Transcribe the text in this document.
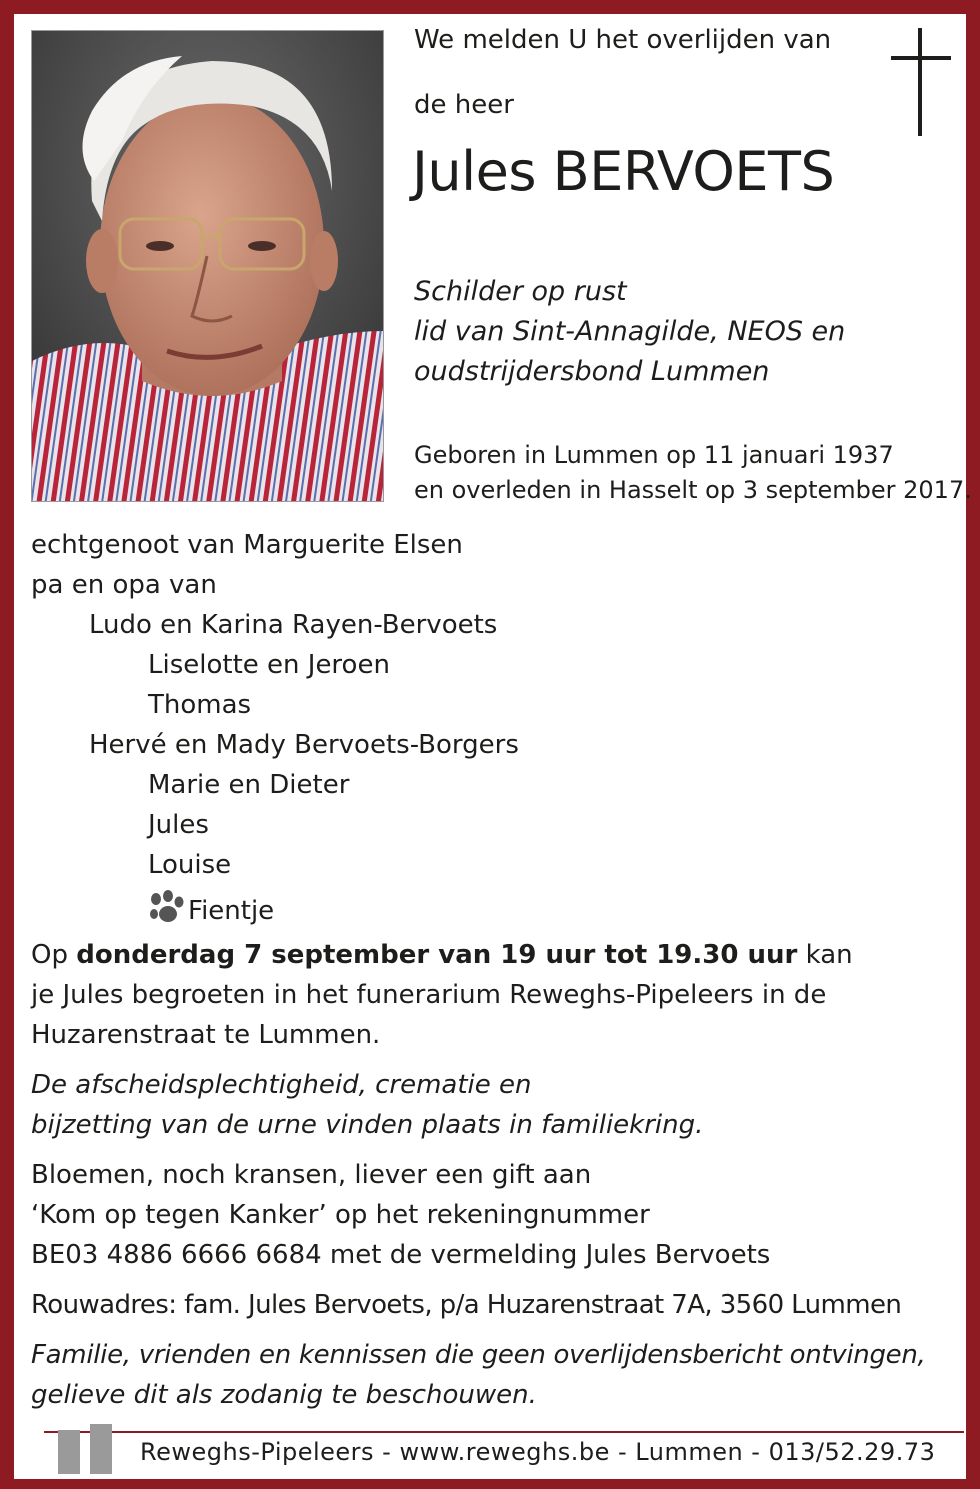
We melden U het overlijden van
de heer
Jules BERVOETS
Schilder op rust
lid van Sint-Annagilde, NEOS en
oudstrijdersbond Lummen
Geboren in Lummen op 11 januari 1937
en overleden in Hasselt op 3 september 2017.
echtgenoot van Marguerite Elsen
pa en opa van
Ludo en Karina Rayen-Bervoets
Liselotte en Jeroen
Thomas
Hervé en Mady Bervoets-Borgers
Marie en Dieter
Jules
Louise
Fientje
Op donderdag 7 september van 19 uur tot 19.30 uur kan
je Jules begroeten in het funerarium Reweghs-Pipeleers in de
Huzarenstraat te Lummen.
De afscheidsplechtigheid, crematie en
bijzetting van de urne vinden plaats in familiekring.
Bloemen, noch kransen, liever een gift aan
‘Kom op tegen Kanker’ op het rekeningnummer
BE03 4886 6666 6684 met de vermelding Jules Bervoets
Rouwadres: fam. Jules Bervoets, p/a Huzarenstraat 7A, 3560 Lummen
Familie, vrienden en kennissen die geen overlijdensbericht ontvingen,
gelieve dit als zodanig te beschouwen.
Reweghs-Pipeleers - www.reweghs.be - Lummen - 013/52.29.73
